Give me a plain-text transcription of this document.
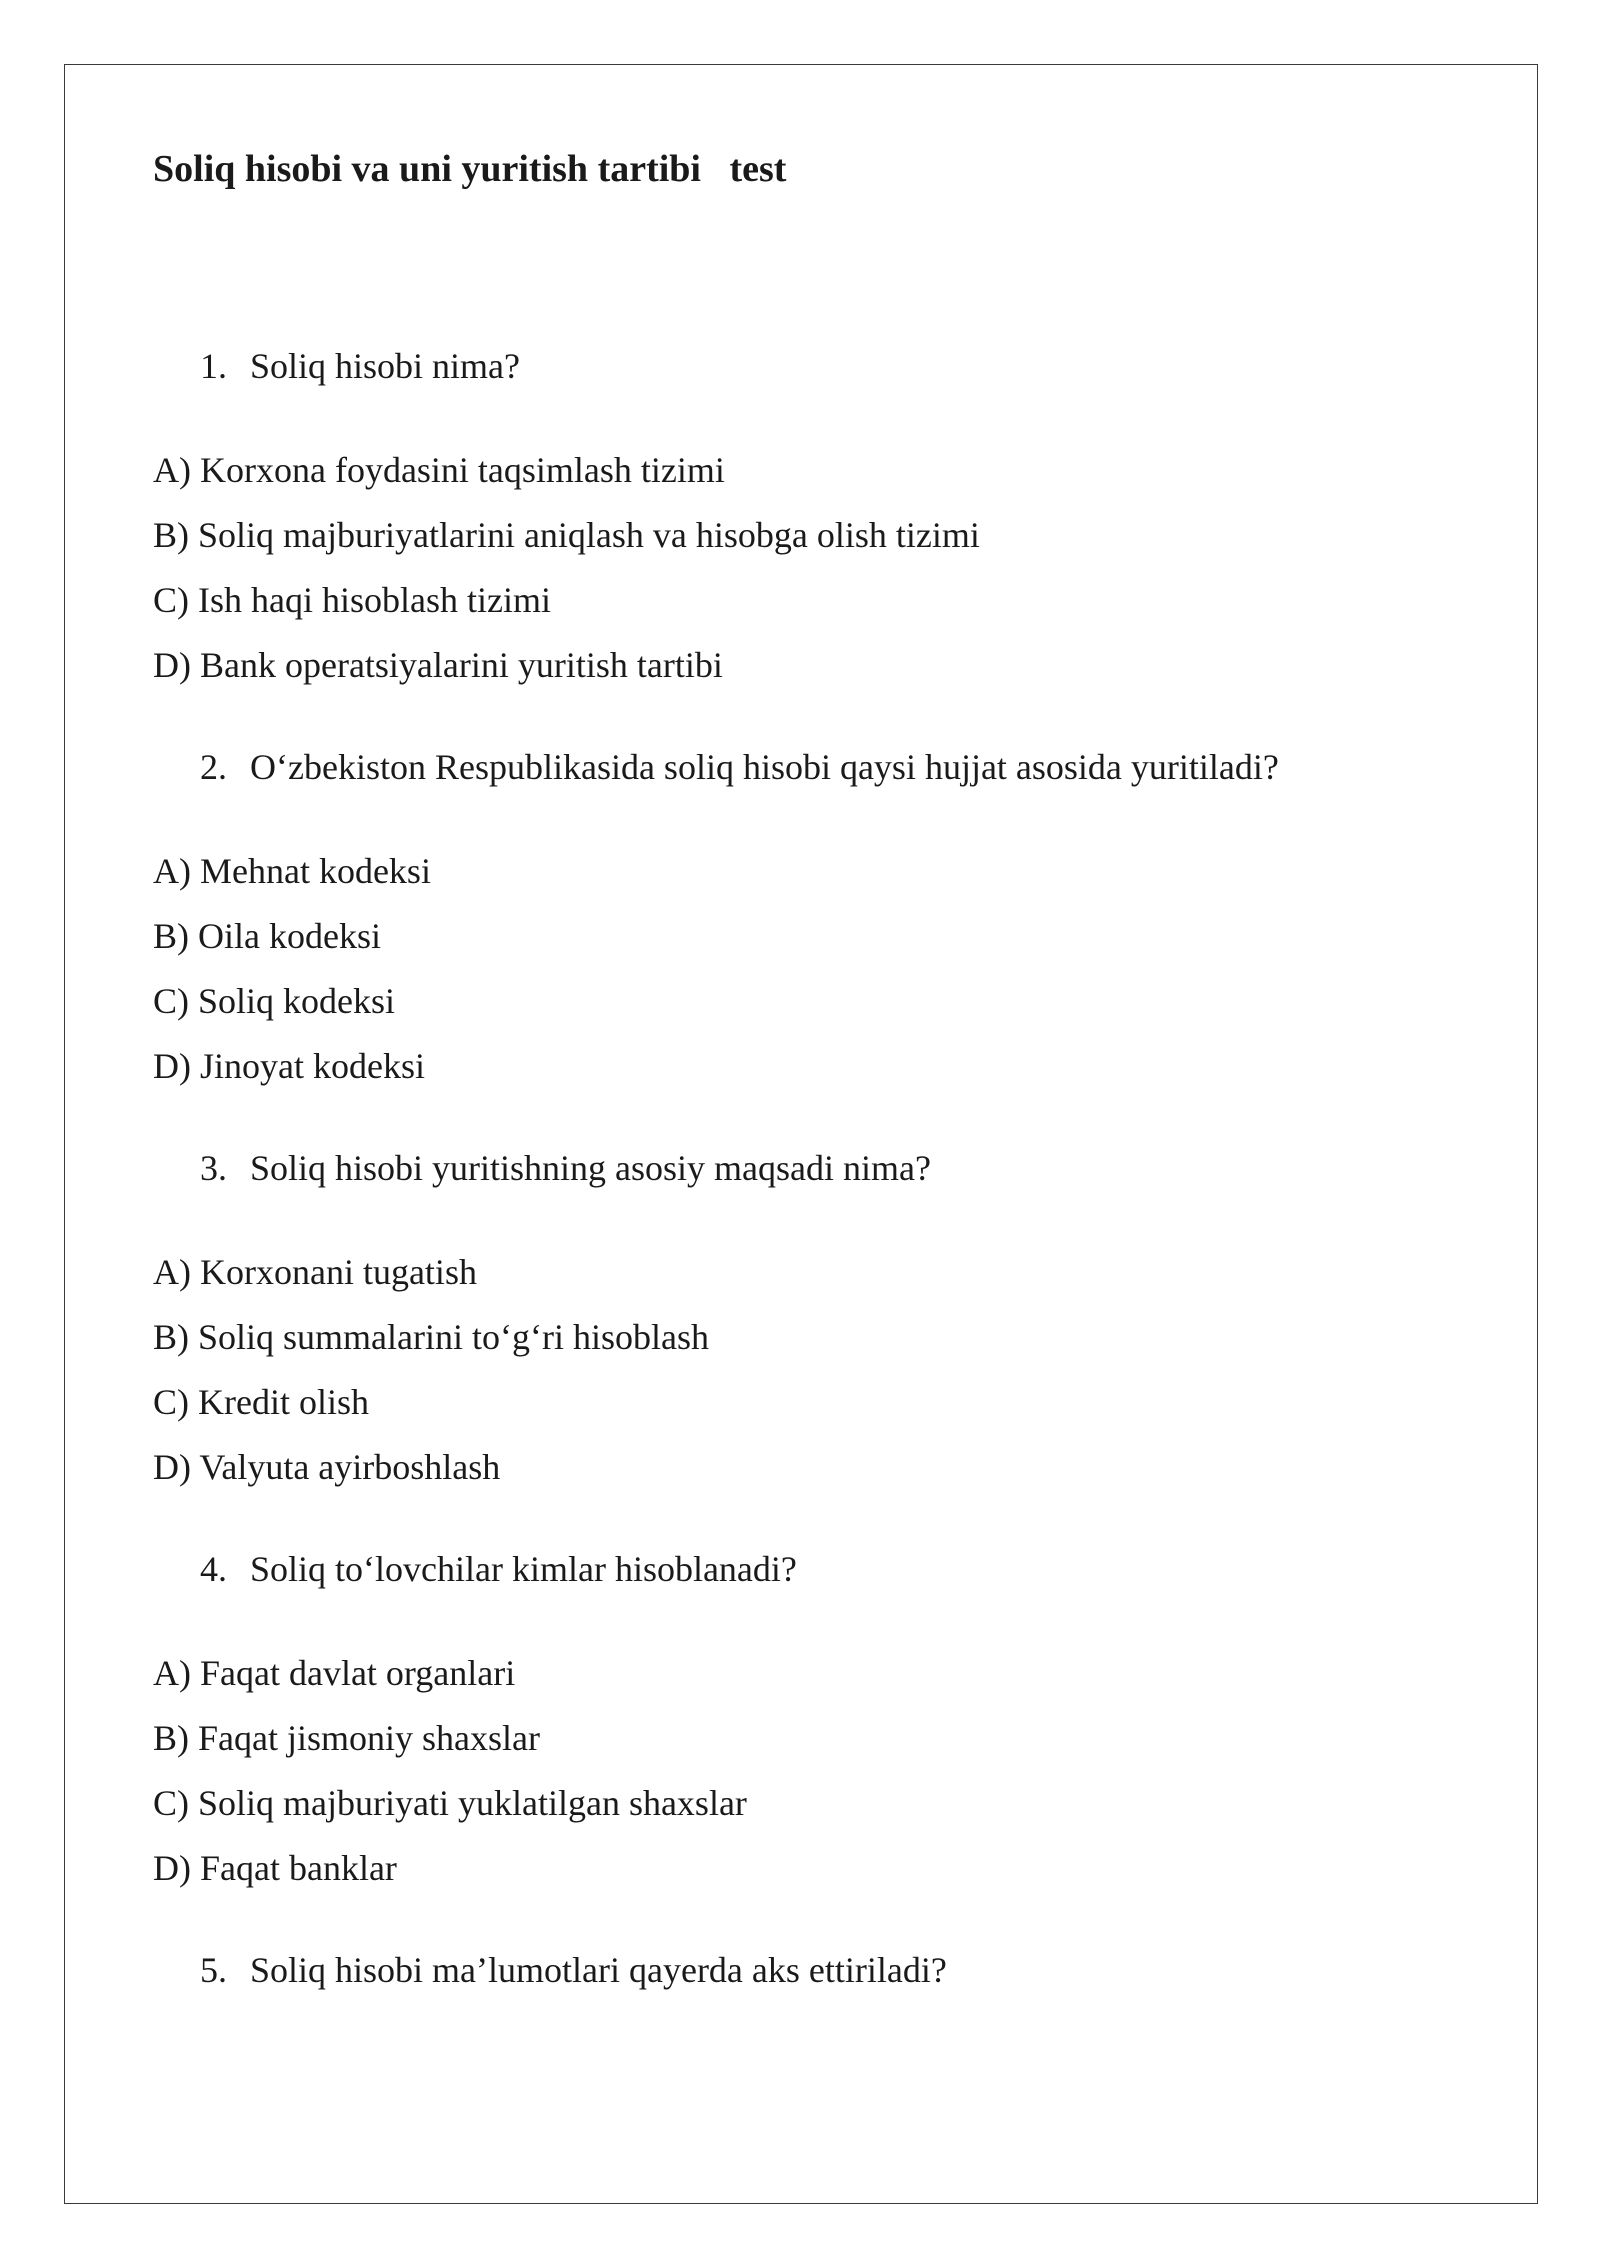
Soliq hisobi va uni yuritish tartibi   test
1. Soliq hisobi nima?
A) Korxona foydasini taqsimlash tizimi
B) Soliq majburiyatlarini aniqlash va hisobga olish tizimi
C) Ish haqi hisoblash tizimi
D) Bank operatsiyalarini yuritish tartibi
2. O‘zbekiston Respublikasida soliq hisobi qaysi hujjat asosida yuritiladi?
A) Mehnat kodeksi
B) Oila kodeksi
C) Soliq kodeksi
D) Jinoyat kodeksi
3. Soliq hisobi yuritishning asosiy maqsadi nima?
A) Korxonani tugatish
B) Soliq summalarini to‘g‘ri hisoblash
C) Kredit olish
D) Valyuta ayirboshlash
4. Soliq to‘lovchilar kimlar hisoblanadi?
A) Faqat davlat organlari
B) Faqat jismoniy shaxslar
C) Soliq majburiyati yuklatilgan shaxslar
D) Faqat banklar
5. Soliq hisobi ma’lumotlari qayerda aks ettiriladi?
